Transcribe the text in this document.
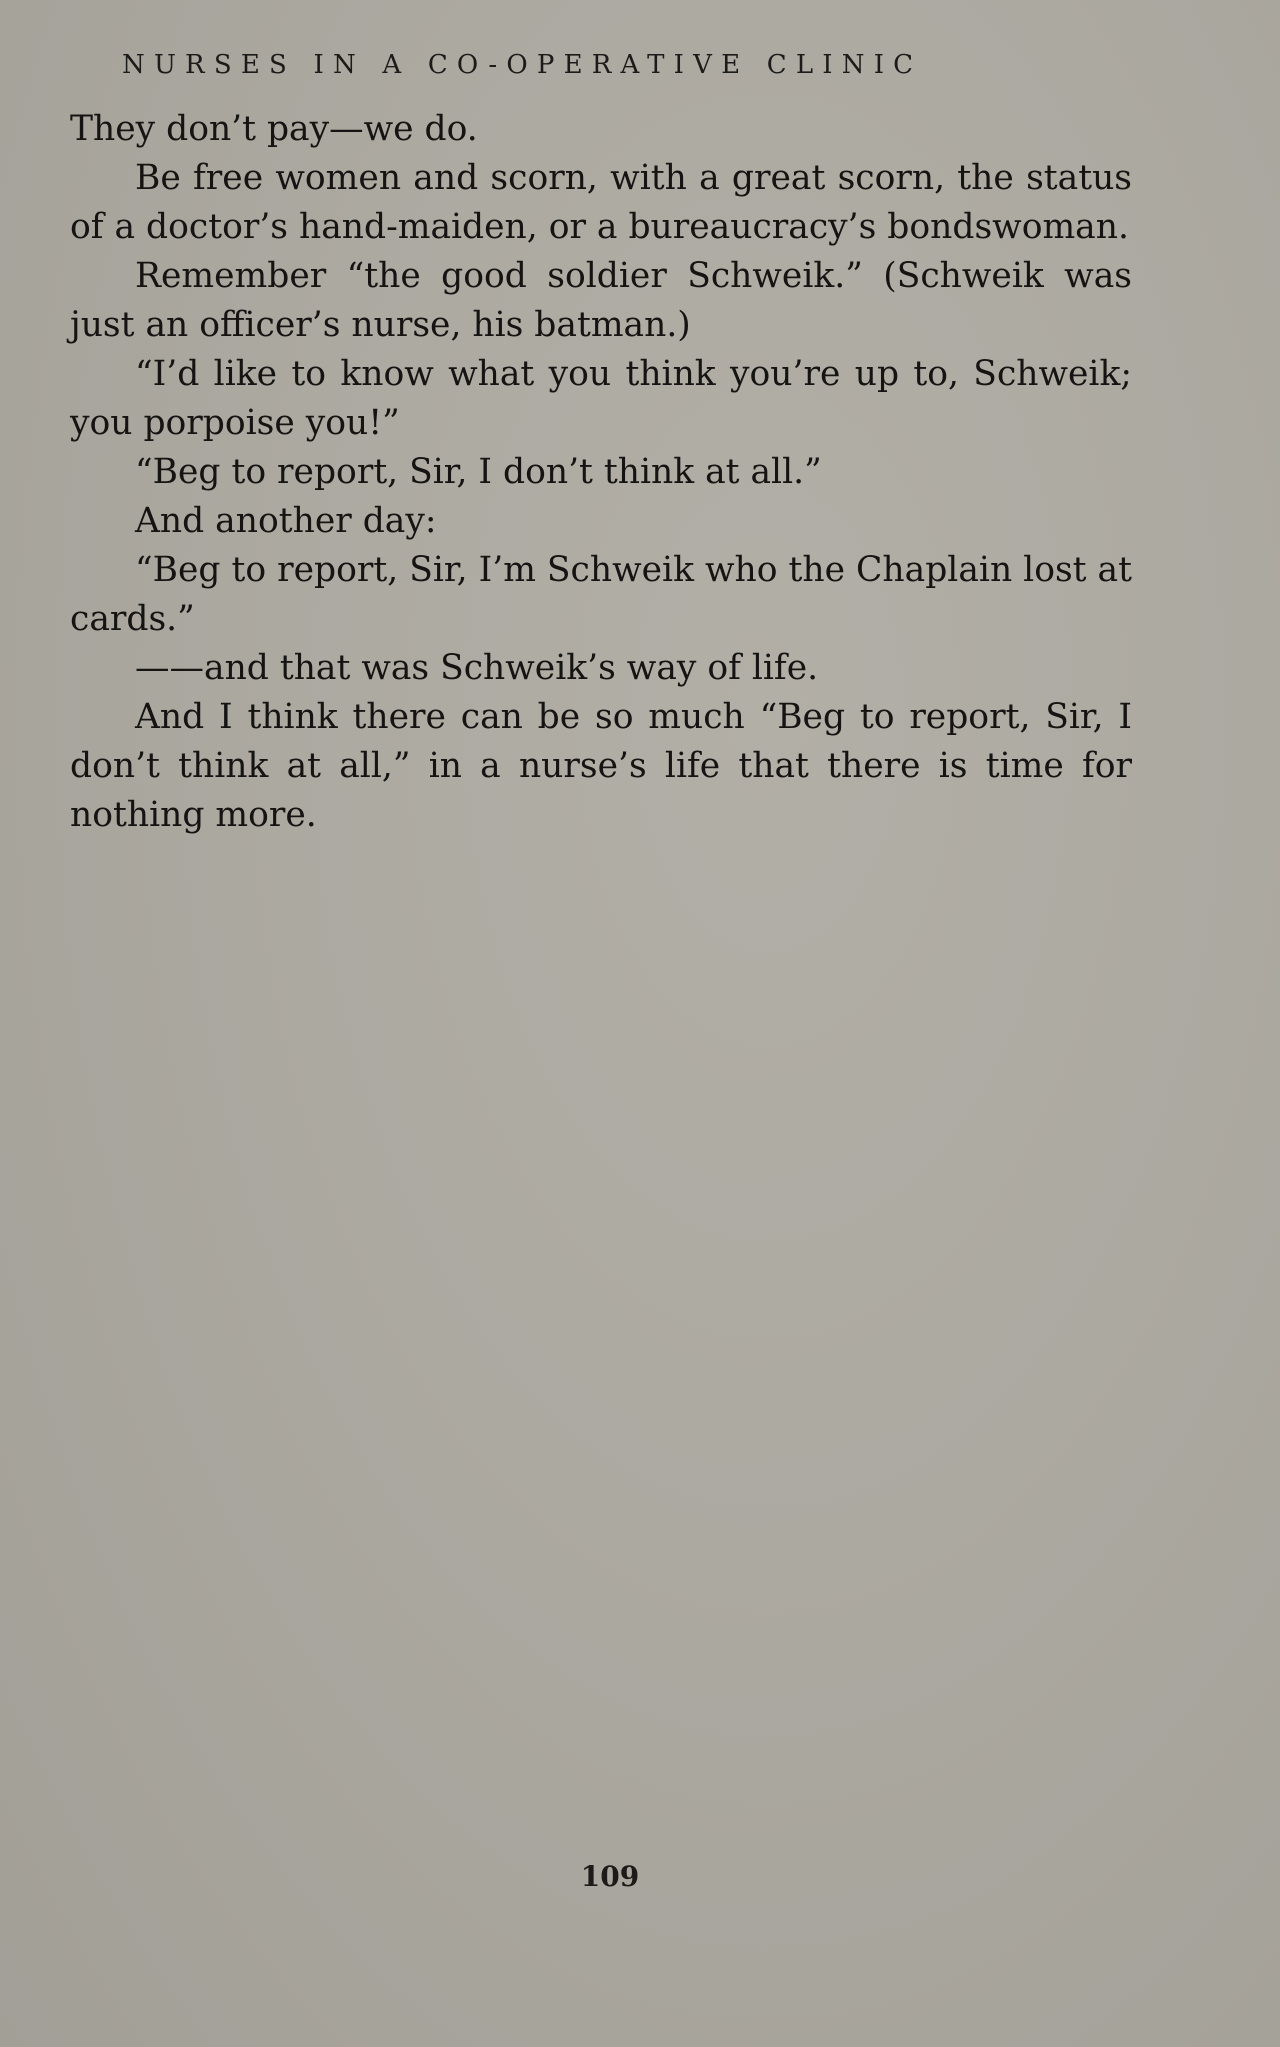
NURSES IN A CO-OPERATIVE CLINIC

They don’t pay—we do.

Be free women and scorn, with a great scorn, the status of a doctor’s hand-maiden, or a bureaucracy’s bondswoman.

Remember “the good soldier Schweik.” (Schweik was just an officer’s nurse, his batman.)

“I’d like to know what you think you’re up to, Schweik; you porpoise you!”

“Beg to report, Sir, I don’t think at all.”

And another day:

“Beg to report, Sir, I’m Schweik who the Chaplain lost at cards.”

——and that was Schweik’s way of life.

And I think there can be so much “Beg to report, Sir, I don’t think at all,” in a nurse’s life that there is time for nothing more.

109
